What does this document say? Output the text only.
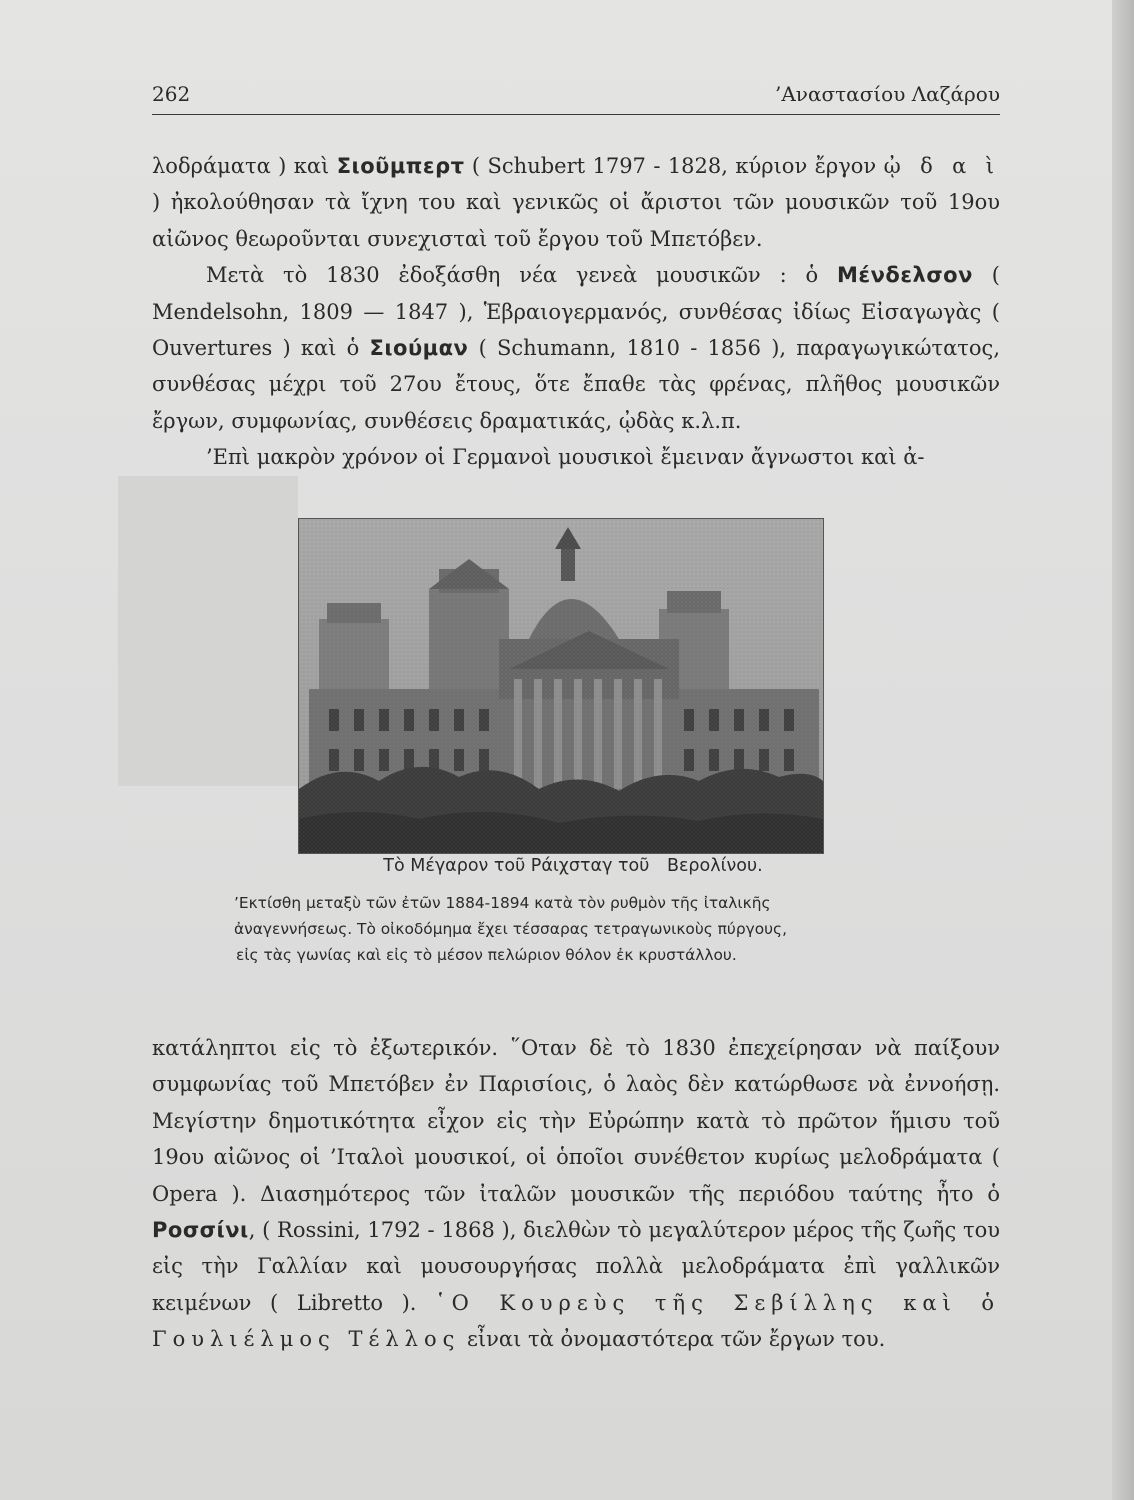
262	’Αναστασίου Λαζάρου

λοδράματα ) καὶ Σιοῦμπερτ ( Schubert 1797 - 1828, κύριον ἔργον ᾠ δ α ὶ ) ἠκολούθησαν τὰ ἴχνη του καὶ γενικῶς οἱ ἄριστοι τῶν μουσικῶν τοῦ 19ου αἰῶνος θεωροῦνται συνεχισταὶ τοῦ ἔργου τοῦ Μπετόβεν.

Μετὰ τὸ 1830 ἐδοξάσθη νέα γενεὰ μουσικῶν : ὁ Μένδελσον ( Mendelsohn, 1809 — 1847 ), Ἑβραιογερμανός, συνθέσας ἰδίως Εἰσαγωγὰς ( Ouvertures ) καὶ ὁ Σιούμαν ( Schumann, 1810 - 1856 ), παραγωγικώτατος, συνθέσας μέχρι τοῦ 27ου ἔτους, ὅτε ἔπαθε τὰς φρένας, πλῆθος μουσικῶν ἔργων, συμφωνίας, συνθέσεις δραματικάς, ᾠδὰς κ.λ.π.

’Επὶ μακρὸν χρόνον οἱ Γερμανοὶ μουσικοὶ ἔμειναν ἄγνωστοι καὶ ἀ-

Τὸ Μέγαρον τοῦ Ράιχσταγ τοῦ Βερολίνου.
’Εκτίσθη μεταξὺ τῶν ἐτῶν 1884-1894 κατὰ τὸν ρυθμὸν τῆς ἰταλικῆς
ἀναγεννήσεως. Τὸ οἰκοδόμημα ἔχει τέσσαρας τετραγωνικοὺς πύργους,
εἰς τὰς γωνίας καὶ εἰς τὸ μέσον πελώριον θόλον ἐκ κρυστάλλου.

κατάληπτοι εἰς τὸ ἐξωτερικόν. ῞Οταν δὲ τὸ 1830 ἐπεχείρησαν νὰ παίξουν συμφωνίας τοῦ Μπετόβεν ἐν Παρισίοις, ὁ λαὸς δὲν κατώρθωσε νὰ ἐννοήσῃ. Μεγίστην δημοτικότητα εἶχον εἰς τὴν Εὐρώπην κατὰ τὸ πρῶτον ἥμισυ τοῦ 19ου αἰῶνος οἱ ’Ιταλοὶ μουσικοί, οἱ ὁποῖοι συνέθετον κυρίως μελοδράματα ( Opera ). Διασημότερος τῶν ἰταλῶν μουσικῶν τῆς περιόδου ταύτης ἦτο ὁ Ροσσίνι, ( Rossini, 1792 - 1868 ), διελθὼν τὸ μεγαλύτερον μέρος τῆς ζωῆς του εἰς τὴν Γαλλίαν καὶ μουσουργήσας πολλὰ μελοδράματα ἐπὶ γαλλικῶν κειμένων ( Libretto ). ῾Ο Κουρεὺς τῆς Σεβίλλης καὶ ὁ Γουλιέλμος Τέλλος εἶναι τὰ ὀνομαστότερα τῶν ἔργων του.
